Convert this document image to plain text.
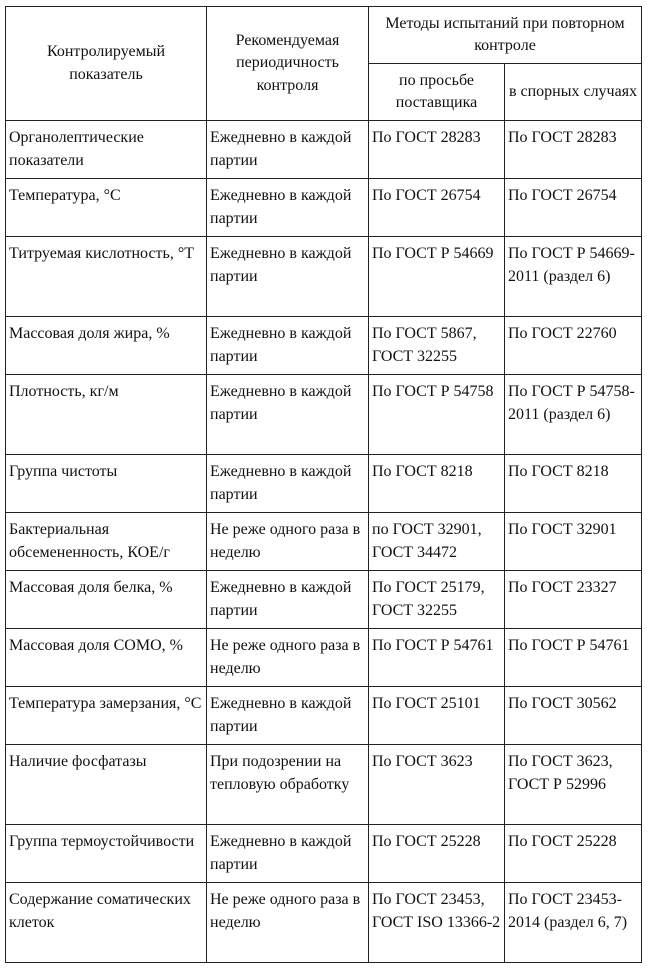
Контролируемый показатель	Рекомендуемая периодичность контроля	Методы испытаний при повторном контроле	
		по просьбе поставщика	в спорных случаях
Органолептические показатели	Ежедневно в каждой партии	По ГОСТ 28283	По ГОСТ 28283
Температура, °С	Ежедневно в каждой партии	По ГОСТ 26754	По ГОСТ 26754
Титруемая кислотность, °Т	Ежедневно в каждой партии	По ГОСТ Р 54669	По ГОСТ Р 54669-2011 (раздел 6)
Массовая доля жира, %	Ежедневно в каждой партии	По ГОСТ 5867, ГОСТ 32255	По ГОСТ 22760
Плотность, кг/м	Ежедневно в каждой партии	По ГОСТ Р 54758	По ГОСТ Р 54758-2011 (раздел 6)
Группа чистоты	Ежедневно в каждой партии	По ГОСТ 8218	По ГОСТ 8218
Бактериальная обсемененность, КОЕ/г	Не реже одного раза в неделю	по ГОСТ 32901, ГОСТ 34472	По ГОСТ 32901
Массовая доля белка, %	Ежедневно в каждой партии	По ГОСТ 25179, ГОСТ 32255	По ГОСТ 23327
Массовая доля СОМО, %	Не реже одного раза в неделю	По ГОСТ Р 54761	По ГОСТ Р 54761
Температура замерзания, °С	Ежедневно в каждой партии	По ГОСТ 25101	По ГОСТ 30562
Наличие фосфатазы	При подозрении на тепловую обработку	По ГОСТ 3623	По ГОСТ 3623, ГОСТ Р 52996
Группа термоустойчивости	Ежедневно в каждой партии	По ГОСТ 25228	По ГОСТ 25228
Содержание соматических клеток	Не реже одного раза в неделю	По ГОСТ 23453, ГОСТ ISO 13366-2	По ГОСТ 23453-2014 (раздел 6, 7)
